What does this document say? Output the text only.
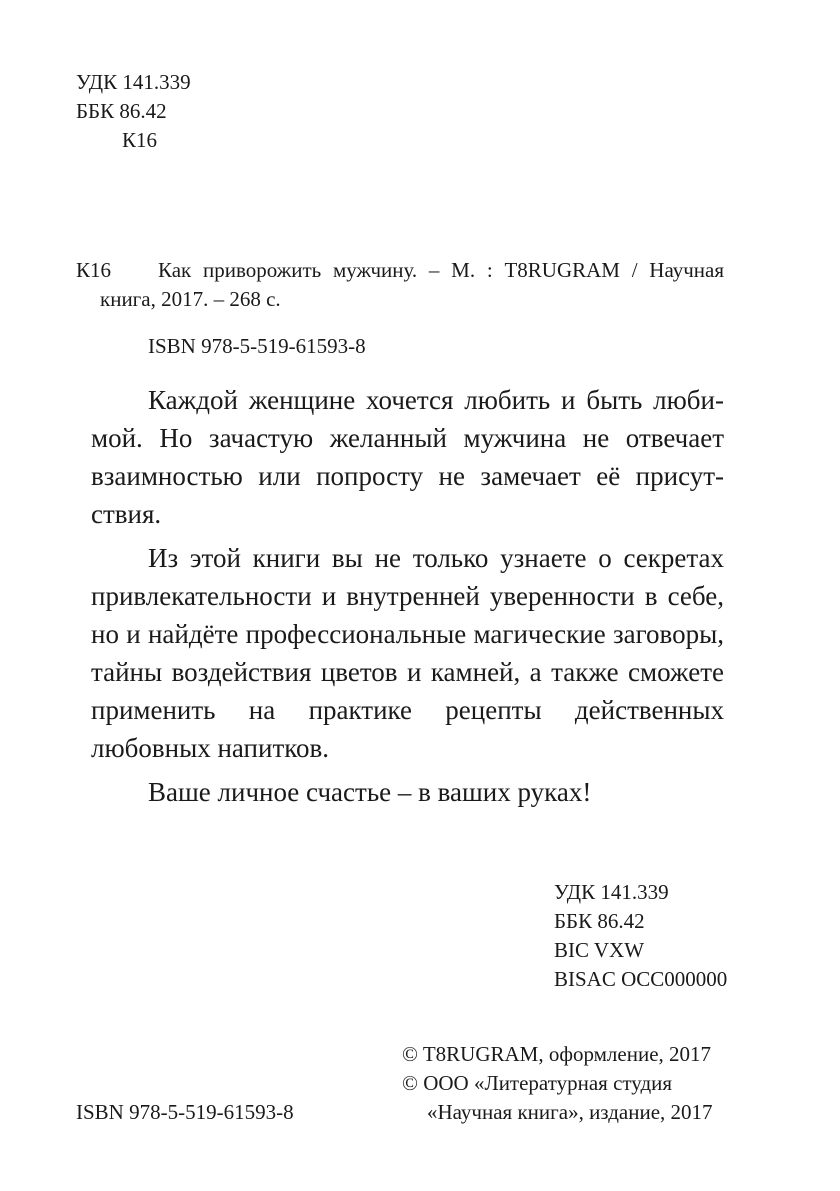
УДК 141.339
ББК 86.42
К16
К16	Как приворожить мужчину. – М. : T8RUGRAM / Научная книга, 2017. – 268 с.
ISBN 978-5-519-61593-8

Каждой женщине хочется любить и быть любимой. Но зачастую желанный мужчина не отвечает взаимностью или попросту не замечает её присутствия.

Из этой книги вы не только узнаете о секретах привлекательности и внутренней уверенности в себе, но и найдёте профессиональные магические заговоры, тайны воздействия цветов и камней, а также сможете применить на практике рецепты действенных любовных напитков.

Ваше личное счастье – в ваших руках!

УДК 141.339
ББК 86.42
BIC VXW
BISAC OCC000000
© T8RUGRAM, оформление, 2017
© ООО «Литературная студия
«Научная книга», издание, 2017
ISBN 978-5-519-61593-8
